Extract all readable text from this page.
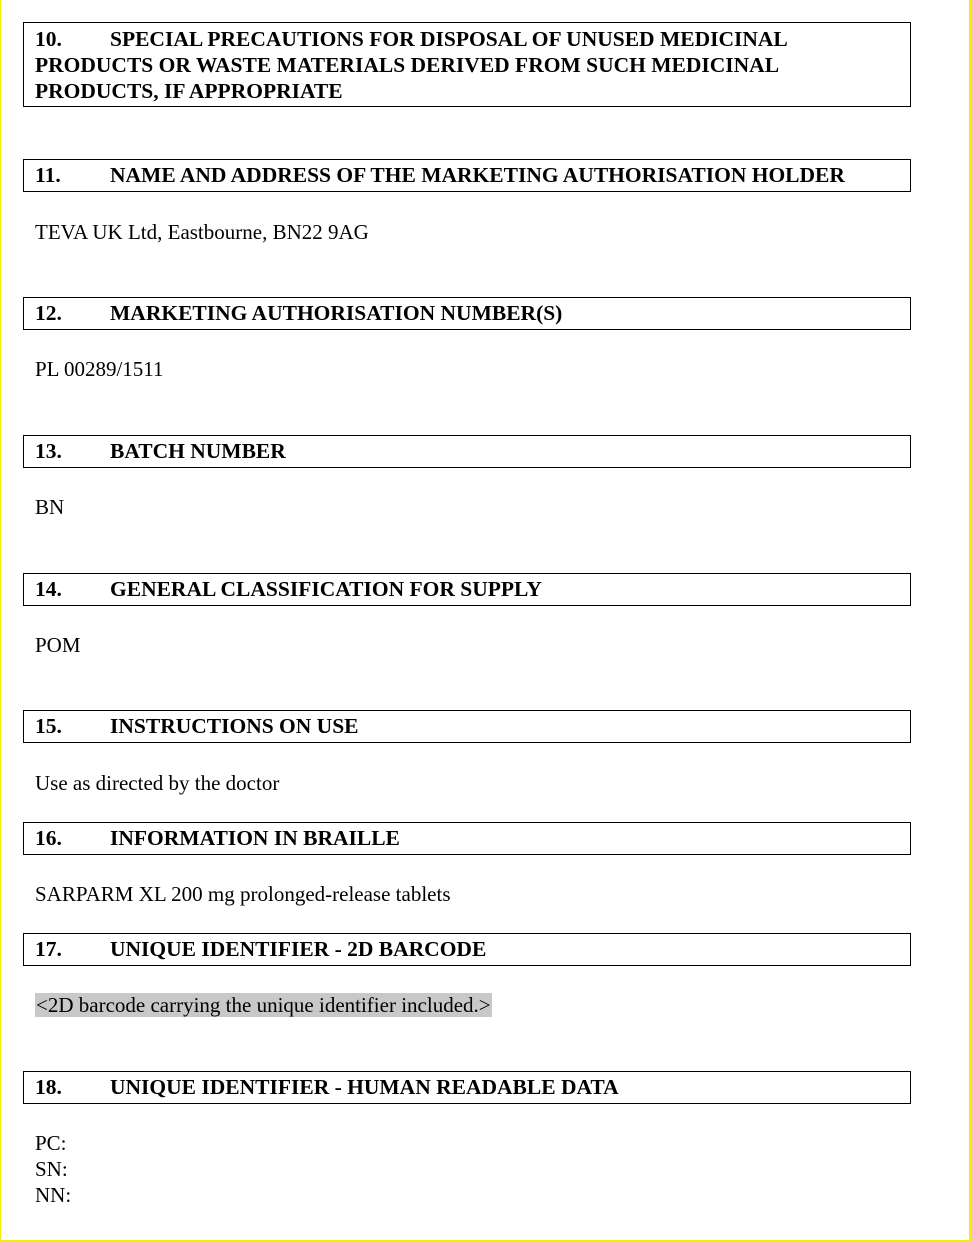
10. SPECIAL PRECAUTIONS FOR DISPOSAL OF UNUSED MEDICINAL
PRODUCTS OR WASTE MATERIALS DERIVED FROM SUCH MEDICINAL
PRODUCTS, IF APPROPRIATE
11. NAME AND ADDRESS OF THE MARKETING AUTHORISATION HOLDER
TEVA UK Ltd, Eastbourne, BN22 9AG
12. MARKETING AUTHORISATION NUMBER(S)
PL 00289/1511
13. BATCH NUMBER
BN
14. GENERAL CLASSIFICATION FOR SUPPLY
POM
15. INSTRUCTIONS ON USE
Use as directed by the doctor
16. INFORMATION IN BRAILLE
SARPARM XL 200 mg prolonged-release tablets
17. UNIQUE IDENTIFIER - 2D BARCODE
<2D barcode carrying the unique identifier included.>
18. UNIQUE IDENTIFIER - HUMAN READABLE DATA
PC:
SN:
NN:
